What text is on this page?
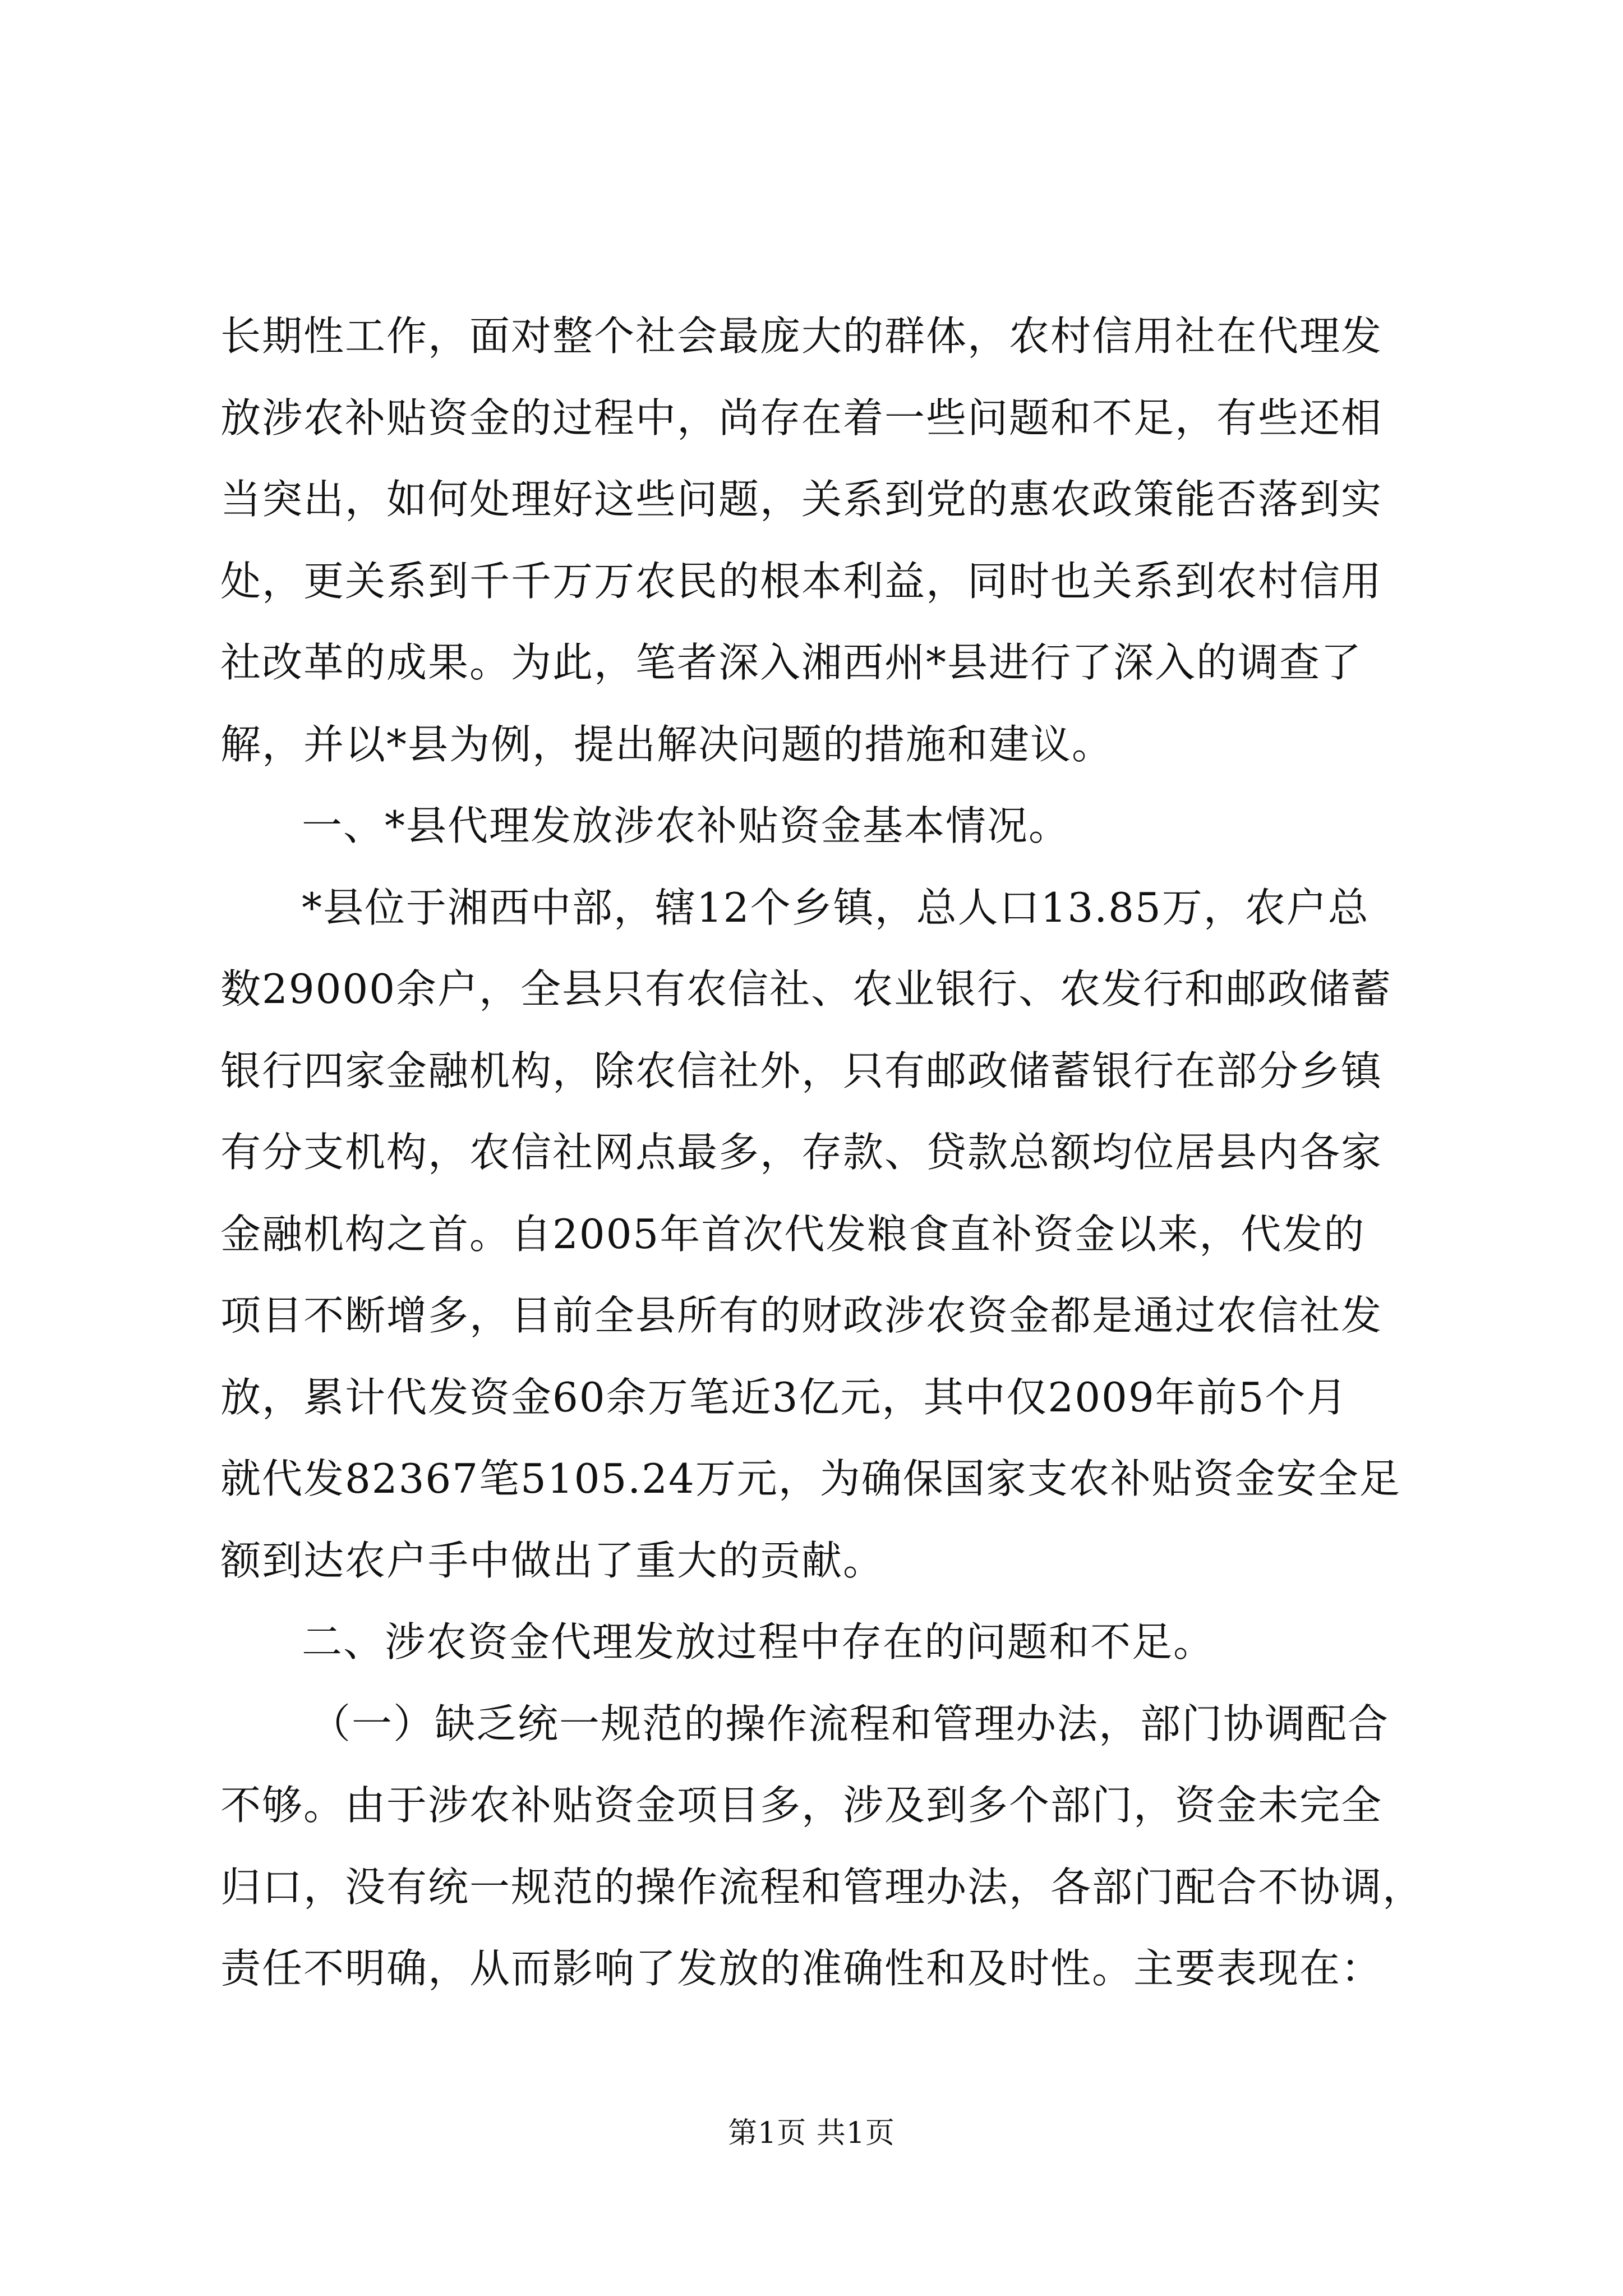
长期性工作，面对整个社会最庞大的群体，农村信用社在代理发
放涉农补贴资金的过程中，尚存在着一些问题和不足，有些还相
当突出，如何处理好这些问题，关系到党的惠农政策能否落到实
处，更关系到千千万万农民的根本利益，同时也关系到农村信用
社改革的成果。为此，笔者深入湘西州*县进行了深入的调查了
解，并以*县为例，提出解决问题的措施和建议。
一、*县代理发放涉农补贴资金基本情况。
*县位于湘西中部，辖12个乡镇，总人口13.85万，农户总
数29000余户，全县只有农信社、农业银行、农发行和邮政储蓄
银行四家金融机构，除农信社外，只有邮政储蓄银行在部分乡镇
有分支机构，农信社网点最多，存款、贷款总额均位居县内各家
金融机构之首。自2005年首次代发粮食直补资金以来，代发的
项目不断增多，目前全县所有的财政涉农资金都是通过农信社发
放，累计代发资金60余万笔近3亿元，其中仅2009年前5个月
就代发82367笔5105.24万元，为确保国家支农补贴资金安全足
额到达农户手中做出了重大的贡献。
二、涉农资金代理发放过程中存在的问题和不足。
（一）缺乏统一规范的操作流程和管理办法，部门协调配合
不够。由于涉农补贴资金项目多，涉及到多个部门，资金未完全
归口，没有统一规范的操作流程和管理办法，各部门配合不协调，
责任不明确，从而影响了发放的准确性和及时性。主要表现在：
第1页 共1页
